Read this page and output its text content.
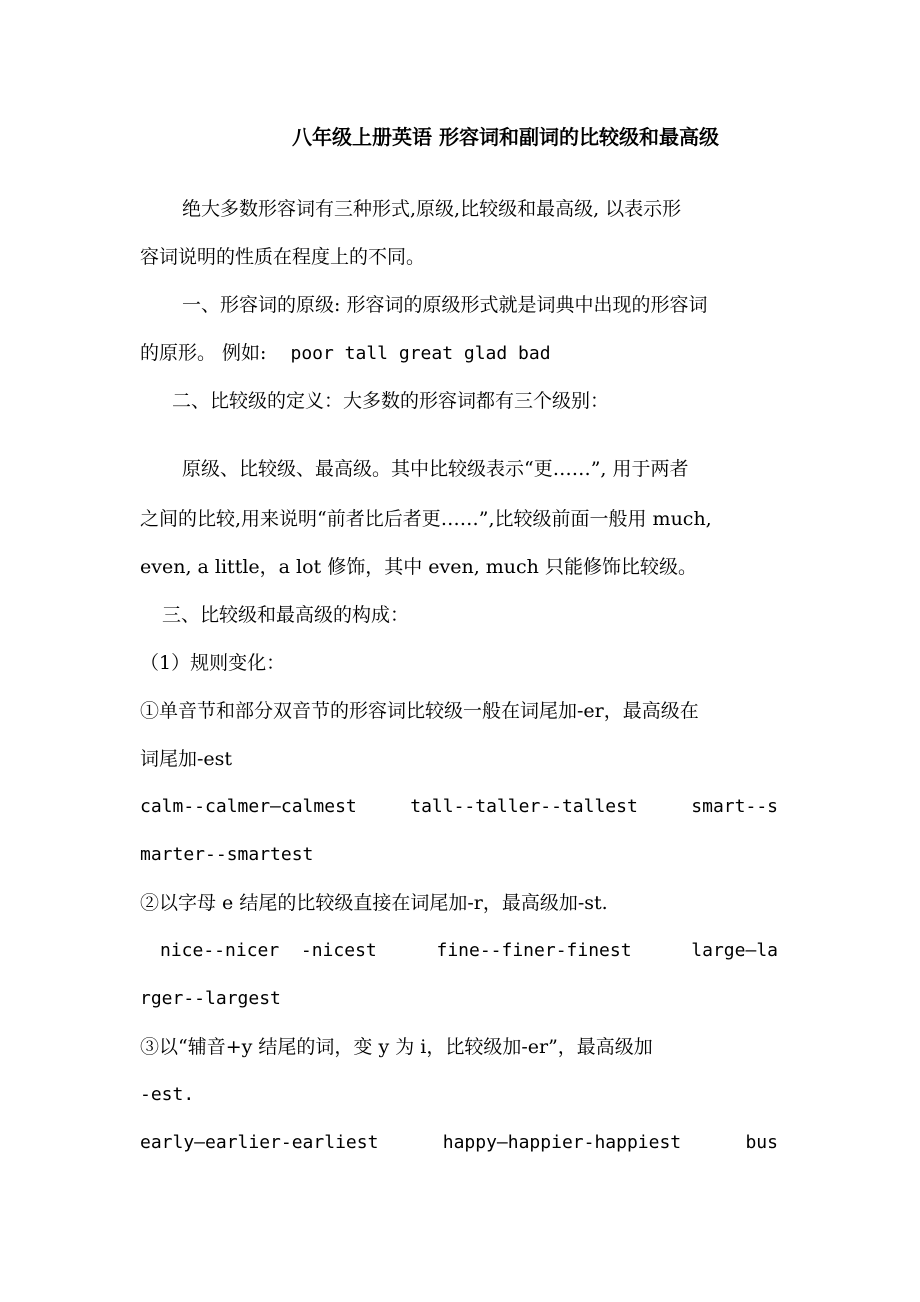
八年级上册英语 形容词和副词的比较级和最高级
绝大多数形容词有三种形式,原级,比较级和最高级, 以表示形
容词说明的性质在程度上的不同。
一、形容词的原级: 形容词的原级形式就是词典中出现的形容词
的原形。 例如: poor tall great glad bad
二、比较级的定义：大多数的形容词都有三个级别：
原级、比较级、最高级。其中比较级表示“更……”, 用于两者
之间的比较,用来说明“前者比后者更……”,比较级前面一般用 much,
even, a little，a lot 修饰，其中 even, much 只能修饰比较级。
三、比较级和最高级的构成：
（1）规则变化：
①单音节和部分双音节的形容词比较级一般在词尾加-er，最高级在
词尾加-est
calm--calmer—calmest	tall--taller--tallest	smart--s
marter--smartest
②以字母 e 结尾的比较级直接在词尾加-r，最高级加-st.
nice--nicer  -nicest	fine--finer-finest	large—la
rger--largest
③以“辅音+y 结尾的词，变 y 为 i，比较级加-er”，最高级加
-est.
early—earlier-earliest	happy—happier-happiest	bus
